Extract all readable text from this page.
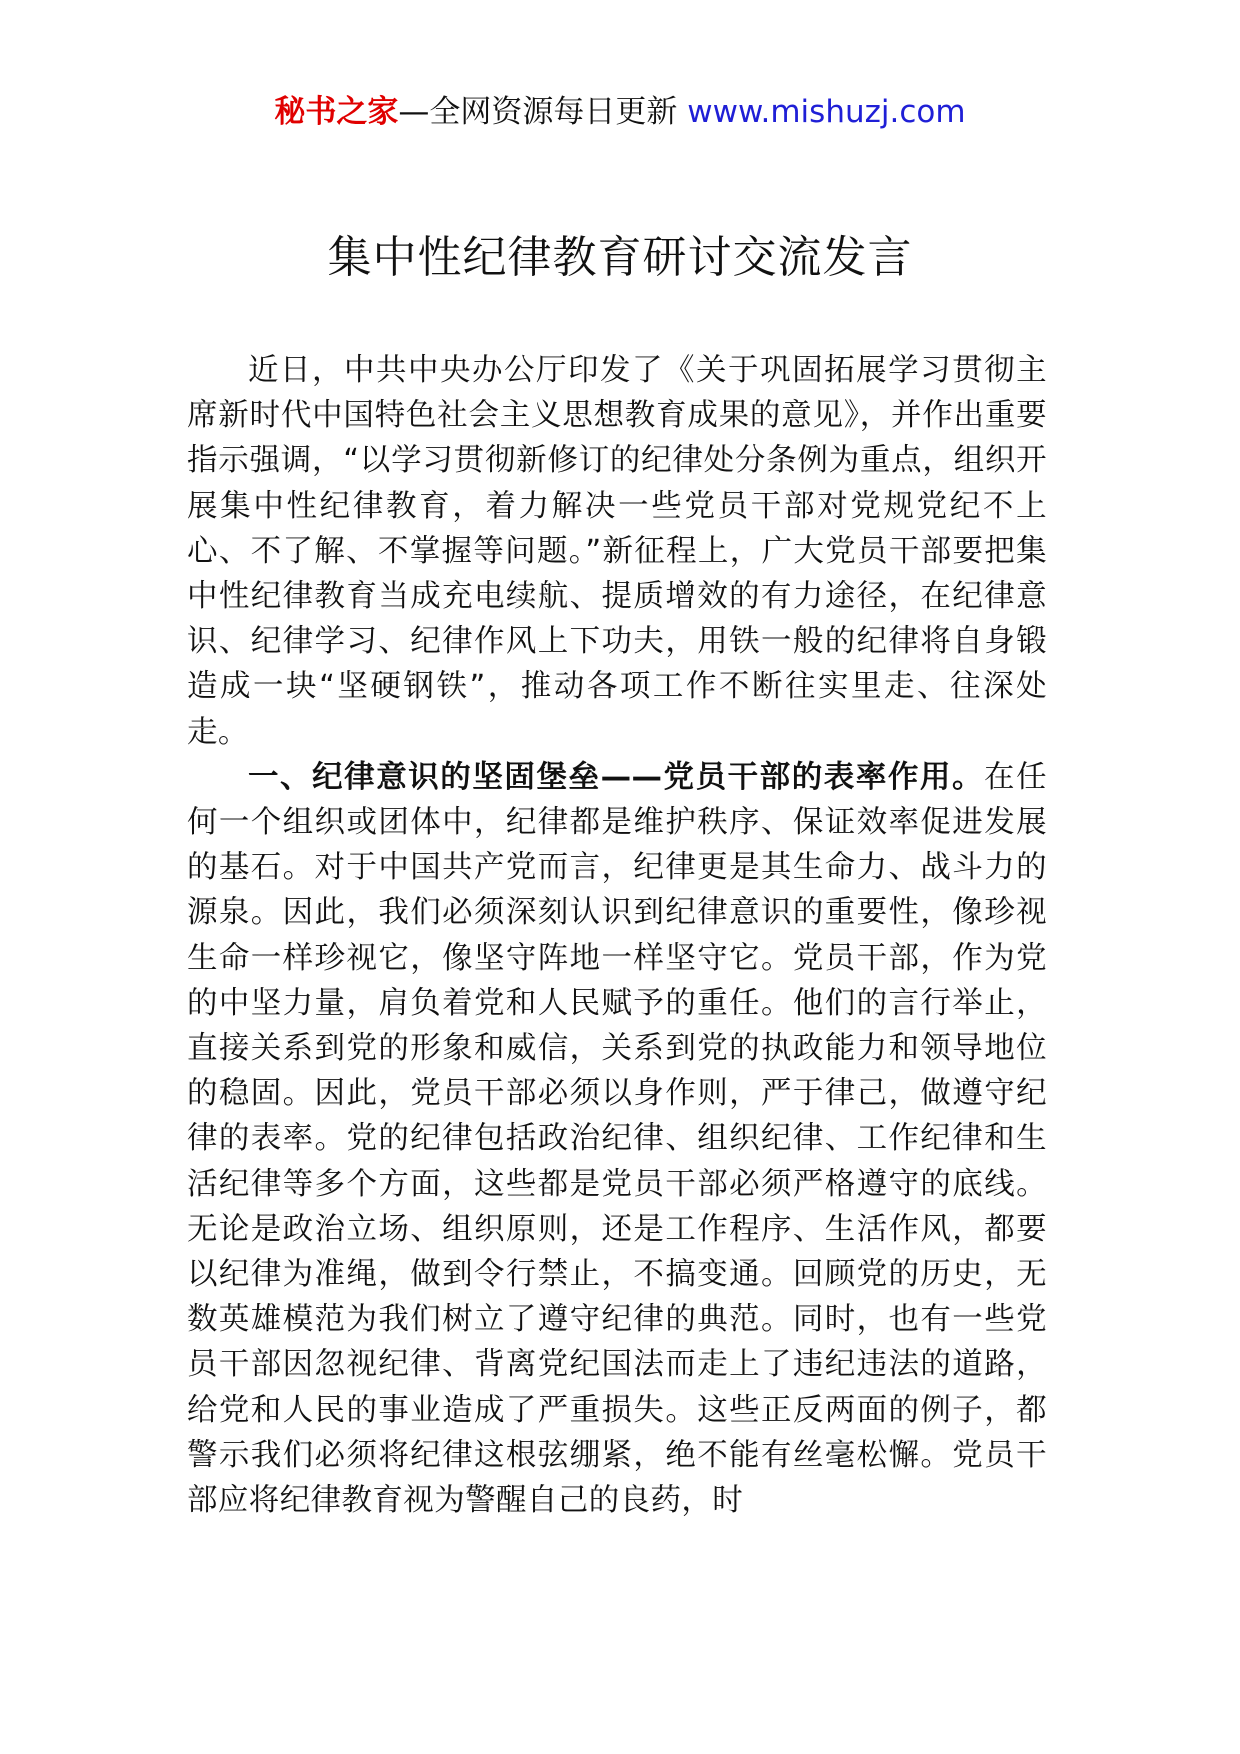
秘书之家—全网资源每日更新 www.mishuzj.com
集中性纪律教育研讨交流发言

近日，中共中央办公厅印发了《关于巩固拓展学习贯彻主席新时代中国特色社会主义思想教育成果的意见》，并作出重要指示强调，“以学习贯彻新修订的纪律处分条例为重点，组织开展集中性纪律教育，着力解决一些党员干部对党规党纪不上心、不了解、不掌握等问题。”新征程上，广大党员干部要把集中性纪律教育当成充电续航、提质增效的有力途径，在纪律意识、纪律学习、纪律作风上下功夫，用铁一般的纪律将自身锻造成一块“坚硬钢铁”，推动各项工作不断往实里走、往深处走。

一、纪律意识的坚固堡垒——党员干部的表率作用。在任何一个组织或团体中，纪律都是维护秩序、保证效率促进发展的基石。对于中国共产党而言，纪律更是其生命力、战斗力的源泉。因此，我们必须深刻认识到纪律意识的重要性，像珍视生命一样珍视它，像坚守阵地一样坚守它。党员干部，作为党的中坚力量，肩负着党和人民赋予的重任。他们的言行举止，直接关系到党的形象和威信，关系到党的执政能力和领导地位的稳固。因此，党员干部必须以身作则，严于律己，做遵守纪律的表率。党的纪律包括政治纪律、组织纪律、工作纪律和生活纪律等多个方面，这些都是党员干部必须严格遵守的底线。无论是政治立场、组织原则，还是工作程序、生活作风，都要以纪律为准绳，做到令行禁止，不搞变通。回顾党的历史，无数英雄模范为我们树立了遵守纪律的典范。同时，也有一些党员干部因忽视纪律、背离党纪国法而走上了违纪违法的道路，给党和人民的事业造成了严重损失。这些正反两面的例子，都警示我们必须将纪律这根弦绷紧，绝不能有丝毫松懈。党员干部应将纪律教育视为警醒自己的良药，时
